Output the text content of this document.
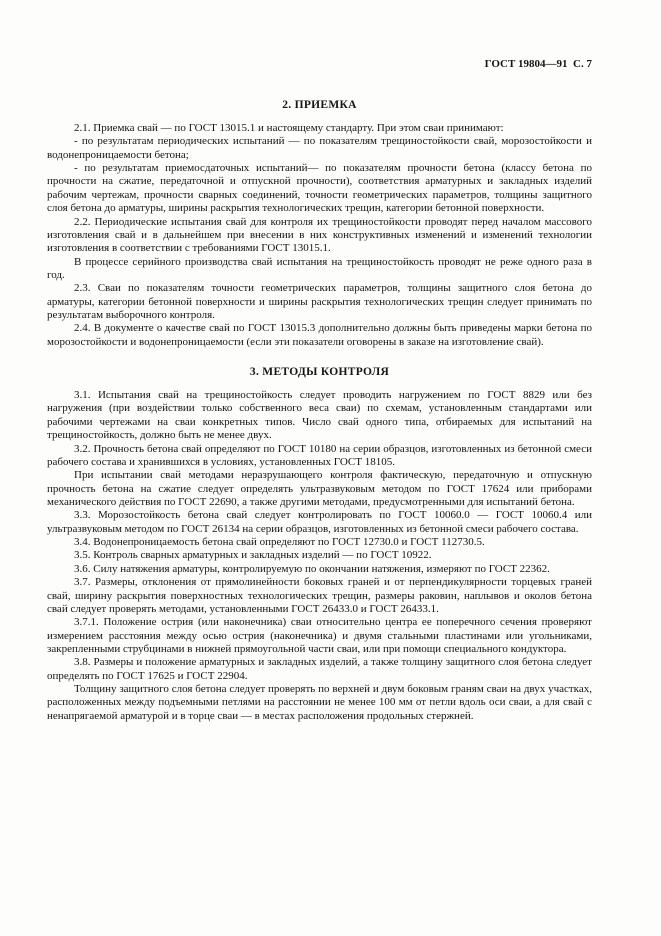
ГОСТ 19804—91  С. 7

2. ПРИЕМКА

2.1. Приемка свай — по ГОСТ 13015.1 и настоящему стандарту. При этом сваи принимают:

- по результатам периодических испытаний — по показателям трещиностойкости свай, морозостойкости и водонепроницаемости бетона;

- по результатам приемосдаточных испытаний— по показателям прочности бетона (классу бетона по прочности на сжатие, передаточной и отпускной прочности), соответствия арматурных и закладных изделий рабочим чертежам, прочности сварных соединений, точности геометрических параметров, толщины защитного слоя бетона до арматуры, ширины раскрытия технологических трещин, категории бетонной поверхности.

2.2. Периодические испытания свай для контроля их трещиностойкости проводят перед началом массового изготовления свай и в дальнейшем при внесении в них конструктивных изменений и изменений технологии изготовления в соответствии с требованиями ГОСТ 13015.1.

В процессе серийного производства свай испытания на трещиностойкость проводят не реже одного раза в год.

2.3. Сваи по показателям точности геометрических параметров, толщины защитного слоя бетона до арматуры, категории бетонной поверхности и ширины раскрытия технологических трещин следует принимать по результатам выборочного контроля.

2.4. В документе о качестве свай по ГОСТ 13015.3 дополнительно должны быть приведены марки бетона по морозостойкости и водонепроницаемости (если эти показатели оговорены в заказе на изготовление свай).

3. МЕТОДЫ КОНТРОЛЯ

3.1. Испытания свай на трещиностойкость следует проводить нагружением по ГОСТ 8829 или без нагружения (при воздействии только собственного веса сваи) по схемам, установленным стандартами или рабочими чертежами на сваи конкретных типов. Число свай одного типа, отбираемых для испытаний на трещиностойкость, должно быть не менее двух.

3.2. Прочность бетона свай определяют по ГОСТ 10180 на серии образцов, изготовленных из бетонной смеси рабочего состава и хранившихся в условиях, установленных ГОСТ 18105.

При испытании свай методами неразрушающего контроля фактическую, передаточную и отпускную прочность бетона на сжатие следует определять ультразвуковым методом по ГОСТ 17624 или приборами механического действия по ГОСТ 22690, а также другими методами, предусмотренными для испытаний бетона.

3.3. Морозостойкость бетона свай следует контролировать по ГОСТ 10060.0 — ГОСТ 10060.4 или ультразвуковым методом по ГОСТ 26134 на серии образцов, изготовленных из бетонной смеси рабочего состава.

3.4. Водонепроницаемость бетона свай определяют по ГОСТ 12730.0 и ГОСТ 112730.5.

3.5. Контроль сварных арматурных и закладных изделий — по ГОСТ 10922.

3.6. Силу натяжения арматуры, контролируемую по окончании натяжения, измеряют по ГОСТ 22362.

3.7. Размеры, отклонения от прямолинейности боковых граней и от перпендикулярности торцевых граней свай, ширину раскрытия поверхностных технологических трещин, размеры раковин, наплывов и околов бетона свай следует проверять методами, установленными ГОСТ 26433.0 и ГОСТ 26433.1.

3.7.1. Положение острия (или наконечника) сваи относительно центра ее поперечного сечения проверяют измерением расстояния между осью острия (наконечника) и двумя стальными пластинами или угольниками, закрепленными струбцинами в нижней прямоугольной части сваи, или при помощи специального кондуктора.

3.8. Размеры и положение арматурных и закладных изделий, а также толщину защитного слоя бетона следует определять по ГОСТ 17625 и ГОСТ 22904.

Толщину защитного слоя бетона следует проверять по верхней и двум боковым граням сваи на двух участках, расположенных между подъемными петлями на расстоянии не менее 100 мм от петли вдоль оси сваи, а для свай с ненапрягаемой арматурой и в торце сваи — в местах расположения продольных стержней.
